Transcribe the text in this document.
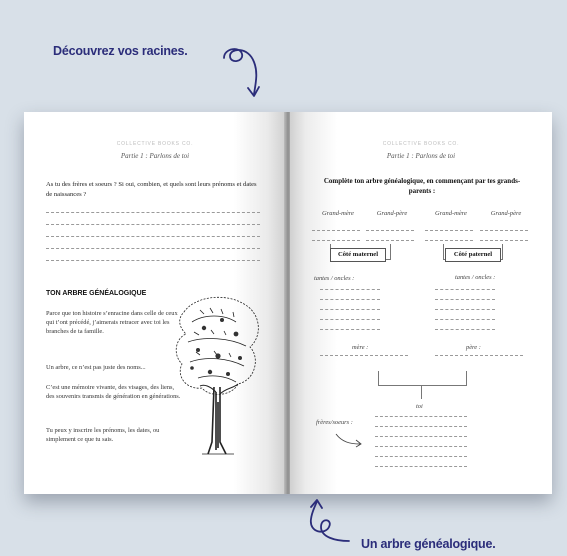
Découvrez vos racines.
COLLECTIVE BOOKS CO.
Partie 1 : Parlons de toi
As tu des frères et soeurs ? Si oui, combien, et quels sont leurs prénoms et dates de naissances ?
TON ARBRE GÉNÉALOGIQUE
Parce que ton histoire s’enracine dans celle de ceux qui t’ont précédé, j’aimerais retracer avec toi les branches de ta famille.
Un arbre, ce n’est pas juste des noms...
C’est une mémoire vivante, des visages, des liens, des souvenirs transmis de génération en générations.
Tu peux y inscrire les prénoms, les dates, ou simplement ce que tu sais.
COLLECTIVE BOOKS CO.
Partie 1 : Parlons de toi
Complète ton arbre généalogique, en commençant par tes grands-parents :
Grand-mère	Grand-père	Grand-mère	Grand-père
Côté maternel	Côté paternel
tantes / oncles :	tantes / oncles :
mère :	père :
toi
frères/soeurs :
Un arbre généalogique.
